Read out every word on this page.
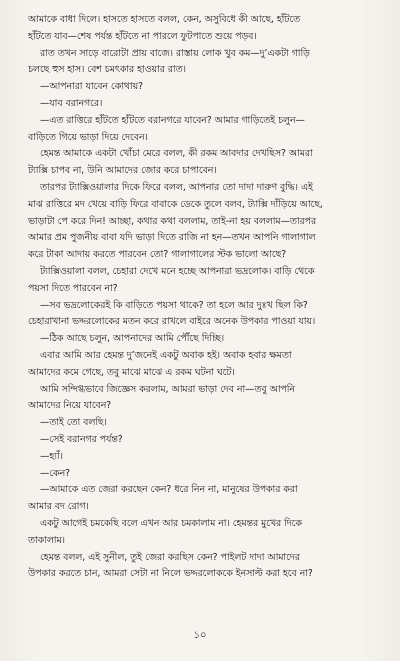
আমাকে বাধা দিলে। হাসতে হাসতে বলল, কেন, অসুবিধে কী আছে, হাঁটতে
হাঁটতে যাব—শেষ পর্যন্ত হাঁটতে না পারলে ফুটপাতে শুয়ে পড়ব।
রাত তখন সাড়ে বারোটা প্রায় বাজে। রাস্তায় লোক খুব কম—দু’একটা গাড়ি
চলছে হুস হাস। বেশ চমৎকার হাওয়ার রাত।
—আপনারা যাবেন কোথায়?
—যাব বরানগরে।
—এত রাত্তিরে হাঁটতে হাঁটতে বরানগরে যাবেন? আমার গাড়িতেই চলুন—
বাড়িতে গিয়ে ভাড়া দিয়ে দেবেন।
হেমন্ত আমাকে একটা খোঁচা মেরে বলল, কী রকম আবদার দেখছিস? আমরা
ট্যাক্সি চাপব না, উনি আমাদের জোর করে চাপাবেন।
তারপর ট্যাক্সিওয়ালার দিকে ফিরে বলল, আপনার তো দাদা দারুণ বুদ্ধি। এই
মাঝ রাত্তিরে মদ খেয়ে বাড়ি ফিরে বাবাকে ডেকে তুলে বলব, ট্যাক্সি দাঁড়িয়ে আছে,
ভাড়াটা পে করে দিন! আচ্ছা, কথার কথা বললাম, তাই-না হয় বললাম—তারপর
আমার প্রম পুজনীয় বাবা যদি ভাড়া দিতে রাজি না হন—তখন আপনি গালাগাল
করে টাকা আদায় করতে পারবেন তো? গালাগালের স্টক ভালো আছে?
ট্যাক্সিওয়ালা বলল, চেহারা দেখে মনে হচ্ছে আপনারা ভদ্রলোক। বাড়ি থেকে
পয়সা দিতে পারবেন না?
—সব ভদ্রলোকেরই কি বাড়িতে পয়সা থাকে? তা হলে আর দুঃখ ছিল কি?
চেহারাখানা ভদ্দরলোকের মতন করে রাখলে বাইরে অনেক উপকার পাওয়া যায়।
—ঠিক আছে চলুন, আপনাদের আমি পৌঁছে দিচ্ছি।
এবার আমি আর হেমন্ত দু’জনেই একটু অবাক হই। অবাক হবার ক্ষমতা
আমাদের কমে গেছে, তবু মাঝে মাঝে এ রকম ঘটনা ঘটে।
আমি সন্দিগ্ধভাবে জিজ্ঞেস করলাম, আমরা ভাড়া দেব না—তবু আপনি
আমাদের নিয়ে যাবেন?
—তাই তো বলছি।
—সেই বরানগর পর্যন্ত?
—হ্যাঁ।
—কেন?
—আমাকে এত জেরা করছেন কেন? ধরে নিন না, মানুষের উপকার করা
আমার বদ রোগ।
একটু আগেই চমকেছি বলে এখন আর চমকালাম না। হেমন্তর মুখের দিকে
তাকালাম।
হেমন্ত বলল, এই সুনীল, তুই জেরা করছিস কেন? পাইলট দাদা আমাদের
উপকার করতে চান, আমরা সেটা না নিলে ভদ্দরলোককে ইনসাল্ট করা হবে না?
১০
